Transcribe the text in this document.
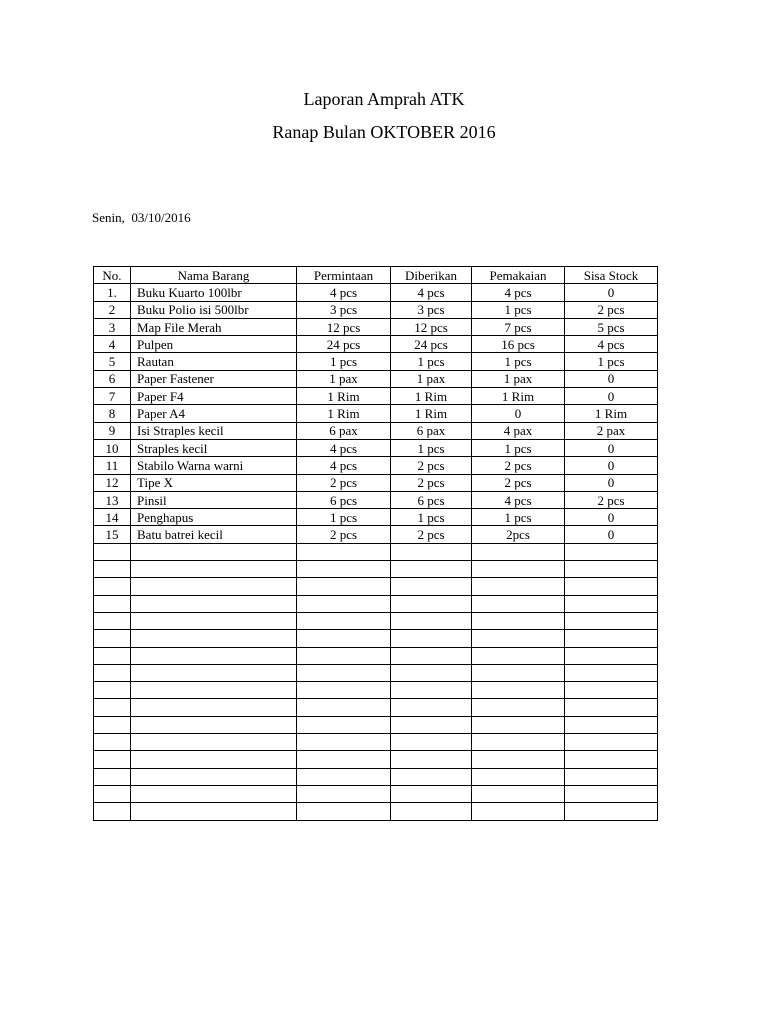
Laporan Amprah ATK
Ranap Bulan OKTOBER 2016
Senin,  03/10/2016
No.	Nama Barang	Permintaan	Diberikan	Pemakaian	Sisa Stock
1.	Buku Kuarto 100lbr	4 pcs	4 pcs	4 pcs	0
2	Buku Polio isi 500lbr	3 pcs	3 pcs	1 pcs	2 pcs
3	Map File Merah	12 pcs	12 pcs	7 pcs	5 pcs
4	Pulpen	24 pcs	24 pcs	16 pcs	4 pcs
5	Rautan	1 pcs	1 pcs	1 pcs	1 pcs
6	Paper Fastener	1 pax	1 pax	1 pax	0
7	Paper F4	1 Rim	1 Rim	1 Rim	0
8	Paper A4	1 Rim	1 Rim	0	1 Rim
9	Isi Straples kecil	6 pax	6 pax	4 pax	2 pax
10	Straples kecil	4 pcs	1 pcs	1 pcs	0
11	Stabilo Warna warni	4 pcs	2 pcs	2 pcs	0
12	Tipe X	2 pcs	2 pcs	2 pcs	0
13	Pinsil	6 pcs	6 pcs	4 pcs	2 pcs
14	Penghapus	1 pcs	1 pcs	1 pcs	0
15	Batu batrei kecil	2 pcs	2 pcs	2pcs	0
